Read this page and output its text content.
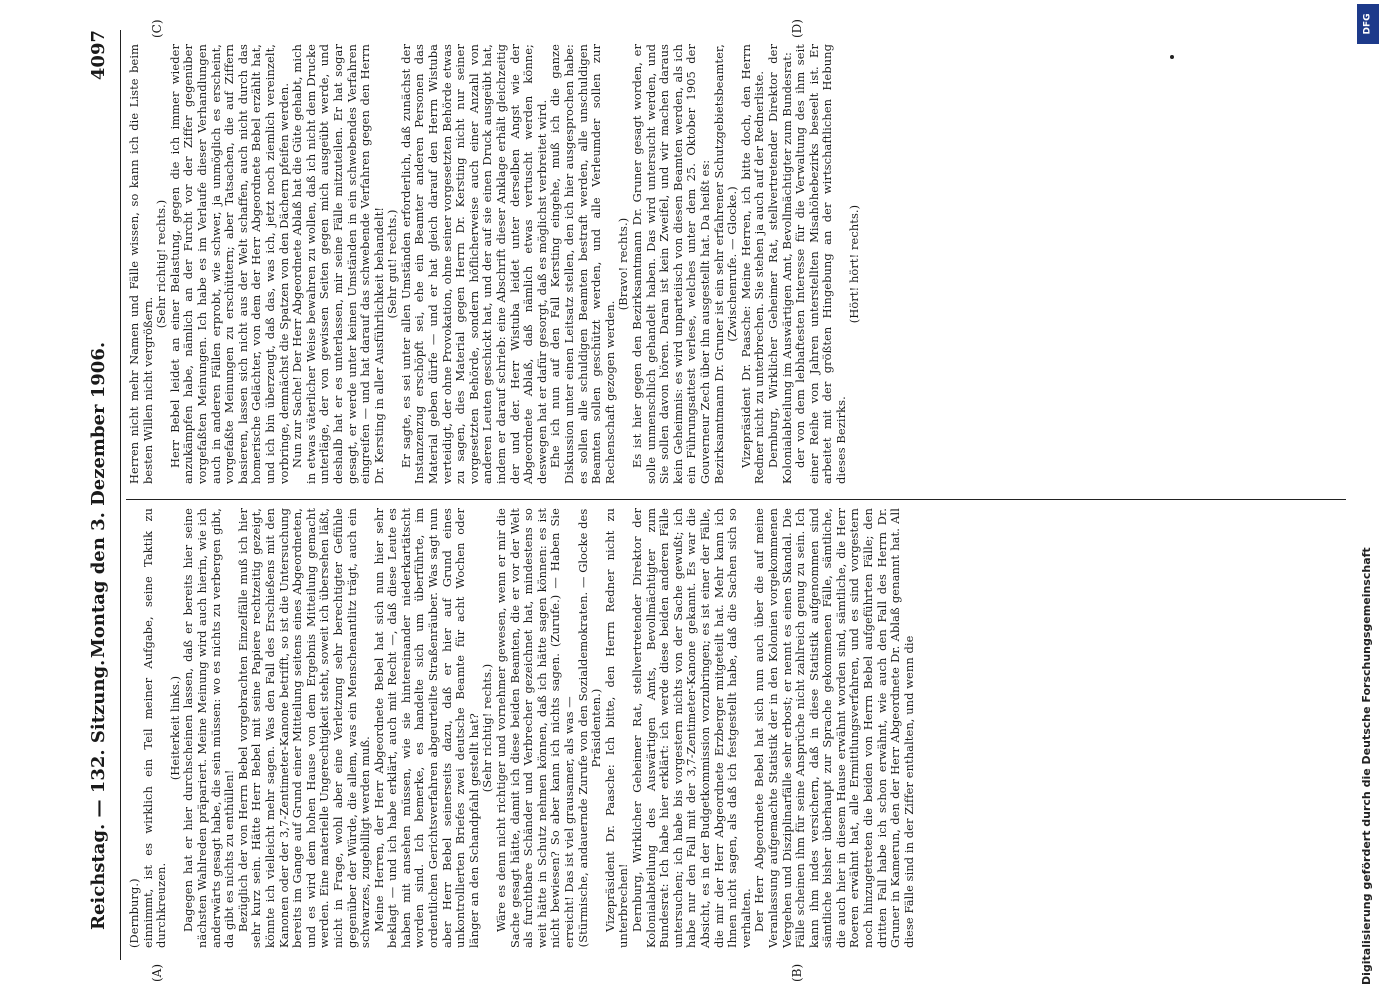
Reichstag. — 132. Sitzung.
Montag den 3. Dezember 1906.
4097
(A)	(B)
(C)	(D)

(Dernburg.) einnimmt, ist es wirklich ein Teil meiner Aufgabe, seine Taktik zu durchkreuzen.

(Heiterkeit links.) Dagegen hat er hier durchscheinen lassen, daß er bereits hier seine nächsten Wahlreden präpariert. Meine Meinung wird auch hierin, wie ich anderwärts gesagt habe, die sein müssen: wo es nichts zu verbergen gibt, da gibt es nichts zu enthüllen! Bezüglich der von Herrn Bebel vorgebrachten Einzelfälle muß ich hier sehr kurz sein. Hätte Herr Bebel mit seine Papiere rechtzeitig gezeigt, könnte ich vielleicht mehr sagen. Was den Fall des Erschießens mit den Kanonen oder der 3,7-Zentimeter-Kanone betrifft, so ist die Untersuchung bereits im Gange auf Grund einer Mitteilung seitens eines Abgeordneten, und es wird dem hohen Hause von dem Ergebnis Mitteilung gemacht werden. Eine materielle Ungerechtigkeit steht, soweit ich übersehen läßt, nicht in Frage, wohl aber eine Verletzung sehr berechtigter Gefühle gegenüber der Würde, die allem, was ein Menschenantlitz trägt, auch ein schwarzes, zugebilligt werden muß. Meine Herren, der Herr Abgeordnete Bebel hat sich nun hier sehr beklagt — und ich habe erklärt, auch mit Recht —, daß diese Leute es haben mit ansehen müssen, wie sie hintereinander niederkartätscht worden sind. Ich bemerke, es handelte sich um überführte, im ordentlichen Gerichtsverfahren abgeurteilte Straßenräuber. Was sagt nun aber Herr Bebel seinerseits dazu, daß er hier auf Grund eines unkontrollierten Briefes zwei deutsche Beamte für acht Wochen oder länger an den Schandpfahl gestellt hat? (Sehr richtig! rechts.) Wäre es denn nicht richtiger und vornehmer gewesen, wenn er mir die Sache gesagt hätte, damit ich diese beiden Beamten, die er vor der Welt als furchtbare Schänder und Verbrecher gezeichnet hat, mindestens so weit hätte in Schutz nehmen können, daß ich hätte sagen können: es ist nicht bewiesen? So aber kann ich nichts sagen. (Zurufe.) — Haben Sie erreicht! Das ist viel grausamer, als was — (Stürmische, andauernde Zurufe von den Sozialdemokraten. — Glocke des Präsidenten.) Vizepräsident Dr. Paasche: Ich bitte, den Herrn Redner nicht zu unterbrechen! Dernburg, Wirklicher Geheimer Rat, stellvertretender Direktor der Kolonialabteilung des Auswärtigen Amts, Bevollmächtigter zum Bundesrat: Ich habe hier erklärt: ich werde diese beiden anderen Fälle untersuchen; ich habe bis vorgestern nichts von der Sache gewußt; ich habe nur den Fall mit der 3,7-Zentimeter-Kanone gekannt. Es war die Absicht, es in der Budgetkommission vorzubringen; es ist einer der Fälle, die mir der Herr Abgeordnete Erzberger mitgeteilt hat. Mehr kann ich Ihnen nicht sagen, als daß ich festgestellt habe, daß die Sachen sich so verhalten. Der Herr Abgeordnete Bebel hat sich nun auch über die auf meine Veranlassung aufgemachte Statistik der in den Kolonien vorgekommenen Vergehen und Disziplinarfälle sehr erbost; er nennt es einen Skandal. Die Fälle scheinen ihm für seine Ansprüche nicht zahlreich genug zu sein. Ich kann ihm indes versichern, daß in diese Statistik aufgenommen sind sämtliche bisher überhaupt zur Sprache gekommenen Fälle, sämtliche, die auch hier in diesem Hause erwähnt worden sind, sämtliche, die Herr Roeren erwähnt hat, alle Ermittlungsverfahren, und es sind vorgestern noch hinzugetreten die beiden von Herrn Bebel aufgeführten Fälle; den dritten Fall habe ich schon erwähnt, wie auch den Fall des Herrn Dr. Gruner in Kamerun, den der Herr Abgeordnete Dr. Ablaß genannt hat. All diese Fälle sind in der Ziffer enthalten, und wenn die

Herren nicht mehr Namen und Fälle wissen, so kann ich die Liste beim besten Willen nicht vergrößern.

(Sehr richtig! rechts.) Herr Bebel leidet an einer Belastung, gegen die ich immer wieder anzukämpfen habe, nämlich an der Furcht vor der Ziffer gegenüber vorgefaßten Meinungen. Ich habe es im Verlaufe dieser Verhandlungen auch in anderen Fällen erprobt, wie schwer, ja unmöglich es erscheint, vorgefaßte Meinungen zu erschüttern; aber Tatsachen, die auf Ziffern basieren, lassen sich nicht aus der Welt schaffen, auch nicht durch das homerische Gelächter, von dem der Herr Abgeordnete Bebel erzählt hat, und ich bin überzeugt, daß das, was ich, jetzt noch ziemlich vereinzelt, vorbringe, demnächst die Spatzen von den Dächern pfeifen werden. Nun zur Sache! Der Herr Abgeordnete Ablaß hat die Güte gehabt, mich in etwas väterlicher Weise bewahren zu wollen, daß ich nicht dem Drucke unterläge, der von gewissen Seiten gegen mich ausgeübt werde, und deshalb hat er es unterlassen, mir seine Fälle mitzuteilen. Er hat sogar gesagt, er werde unter keinen Umständen in ein schwebendes Verfahren eingreifen — und hat darauf das schwebende Verfahren gegen den Herrn Dr. Kersting in aller Ausführlichkeit behandelt! (Sehr gut! rechts.) Er sagte, es sei unter allen Umständen erforderlich, daß zunächst der Instanzenzug erschöpft sei, ehe ein Beamter anderen Personen das Material geben dürfe — und er hat gleich darauf den Herrn Wistuba verteidigt, der ohne Provokation, ohne seiner vorgesetzten Behörde etwas zu sagen, dies Material gegen Herrn Dr. Kersting nicht nur seiner vorgesetzten Behörde, sondern höflicherweise auch einer Anzahl von anderen Leuten geschickt hat, und der auf sie einen Druck ausgeübt hat, indem er darauf schrieb: eine Abschrift dieser Anklage erhält gleichzeitig der und der. Herr Wistuba leidet unter derselben Angst wie der Abgeordnete Ablaß, daß nämlich etwas vertuscht werden könne; deswegen hat er dafür gesorgt, daß es möglichst verbreitet wird. Ehe ich nun auf den Fall Kersting eingehe, muß ich die ganze Diskussion unter einen Leitsatz stellen, den ich hier ausgesprochen habe: es sollen alle schuldigen Beamten bestraft werden, alle unschuldigen Beamten sollen geschützt werden, und alle Verleumder sollen zur Rechenschaft gezogen werden.

(Bravo! rechts.) Es ist hier gegen den Bezirksamtmann Dr. Gruner gesagt worden, er solle unmenschlich gehandelt haben. Das wird untersucht werden, und Sie sollen davon hören. Daran ist kein Zweifel, und wir machen daraus kein Geheimnis: es wird unparteiisch von diesen Beamten werden, als ich ein Führungsattest verlese, welches unter dem 25. Oktober 1905 der Gouverneur Zech über ihn ausgestellt hat. Da heißt es: Bezirksamtmann Dr. Gruner ist ein sehr erfahrener Schutzgebietsbeamter, (Zwischenrufe. — Glocke.) Vizepräsident Dr. Paasche: Meine Herren, ich bitte doch, den Herrn Redner nicht zu unterbrechen. Sie stehen ja auch auf der Rednerliste. Dernburg, Wirklicher Geheimer Rat, stellvertretender Direktor der Kolonialabteilung im Auswärtigen Amt, Bevollmächtigter zum Bundesrat: der von dem lebhaftesten Interesse für die Verwaltung des ihm seit einer Reihe von Jahren unterstellten Misahöhebezirks beseelt ist. Er arbeitet mit der größten Hingebung an der wirtschaftlichen Hebung dieses Bezirks.

(Hört! hört! rechts.)

DFG
Digitalisierung gefördert durch die Deutsche Forschungsgemeinschaft
